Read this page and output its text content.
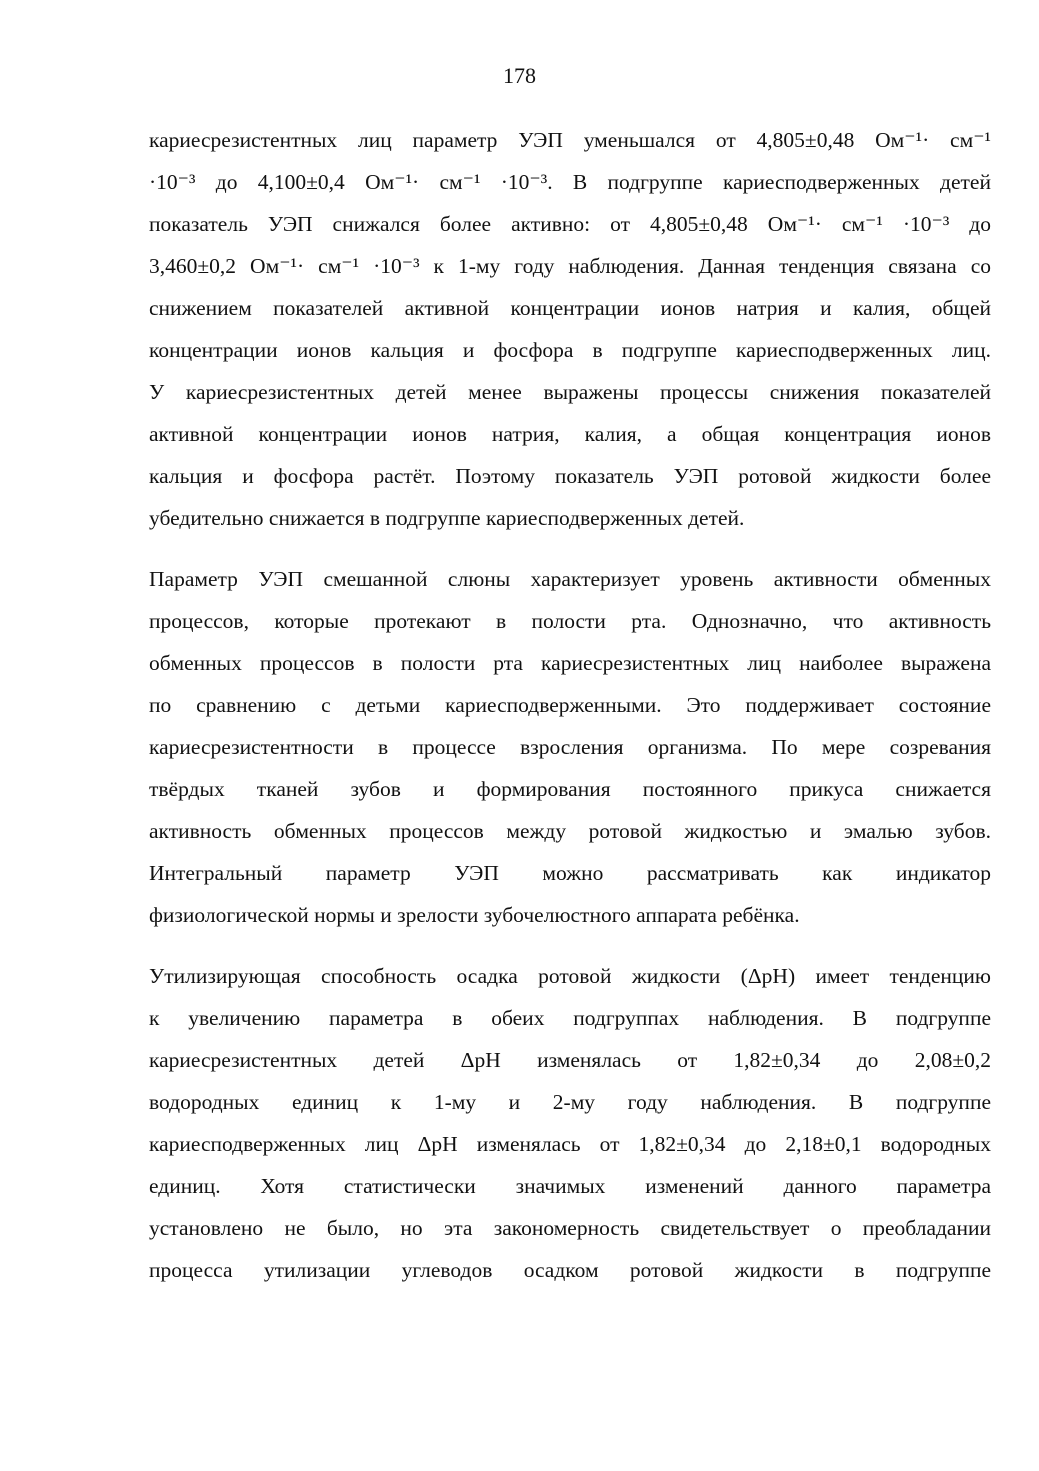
178
кариесрезистентных лиц параметр УЭП уменьшался от 4,805±0,48 Ом⁻¹· см⁻¹
·10⁻³ до 4,100±0,4 Ом⁻¹· см⁻¹ ·10⁻³. В подгруппе кариесподверженных детей
показатель УЭП снижался более активно: от 4,805±0,48 Ом⁻¹· см⁻¹ ·10⁻³ до
3,460±0,2 Ом⁻¹· см⁻¹ ·10⁻³ к 1-му году наблюдения. Данная тенденция связана со
снижением показателей активной концентрации ионов натрия и калия, общей
концентрации ионов кальция и фосфора в подгруппе кариесподверженных лиц.
У кариесрезистентных детей менее выражены процессы снижения показателей
активной концентрации ионов натрия, калия, а общая концентрация ионов
кальция и фосфора растёт. Поэтому показатель УЭП ротовой жидкости более
убедительно снижается в подгруппе кариесподверженных детей.
Параметр УЭП смешанной слюны характеризует уровень активности обменных
процессов, которые протекают в полости рта. Однозначно, что активность
обменных процессов в полости рта кариесрезистентных лиц наиболее выражена
по сравнению с детьми кариесподверженными. Это поддерживает состояние
кариесрезистентности в процессе взросления организма. По мере созревания
твёрдых тканей зубов и формирования постоянного прикуса снижается
активность обменных процессов между ротовой жидкостью и эмалью зубов.
Интегральный параметр УЭП можно рассматривать как индикатор
физиологической нормы и зрелости зубочелюстного аппарата ребёнка.
Утилизирующая способность осадка ротовой жидкости (ΔpH) имеет тенденцию
к увеличению параметра в обеих подгруппах наблюдения. В подгруппе
кариесрезистентных детей ΔpH изменялась от 1,82±0,34 до 2,08±0,2
водородных единиц к 1-му и 2-му году наблюдения. В подгруппе
кариесподверженных лиц ΔpH изменялась от 1,82±0,34 до 2,18±0,1 водородных
единиц. Хотя статистически значимых изменений данного параметра
установлено не было, но эта закономерность свидетельствует о преобладании
процесса утилизации углеводов осадком ротовой жидкости в подгруппе
